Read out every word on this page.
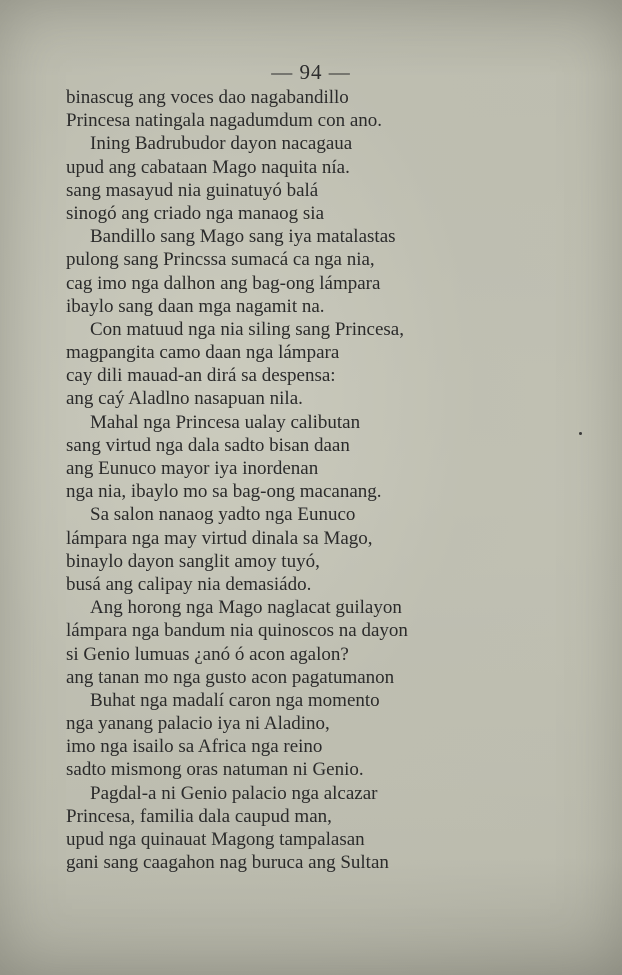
— 94 —
binascug ang voces dao nagabandillo
Princesa natingala nagadumdum con ano.
Ining Badrubudor dayon nacagaua
upud ang cabataan Mago naquita nía.
sang masayud nia guinatuyó balá
sinogó ang criado nga manaog sia
Bandillo sang Mago sang iya matalastas
pulong sang Princssa sumacá ca nga nia,
cag imo nga dalhon ang bag-ong lámpara
ibaylo sang daan mga nagamit na.
Con matuud nga nia siling sang Princesa,
magpangita camo daan nga lámpara
cay dili mauad-an dirá sa despensa:
ang caý Aladlno nasapuan nila.
Mahal nga Princesa ualay calibutan
sang virtud nga dala sadto bisan daan
ang Eunuco mayor iya inordenan
nga nia, ibaylo mo sa bag-ong macanang.
Sa salon nanaog yadto nga Eunuco
lámpara nga may virtud dinala sa Mago,
binaylo dayon sanglit amoy tuyó,
busá ang calipay nia demasiádo.
Ang horong nga Mago naglacat guilayon
lámpara nga bandum nia quinoscos na dayon
si Genio lumuas ¿anó ó acon agalon?
ang tanan mo nga gusto acon pagatumanon
Buhat nga madalí caron nga momento
nga yanang palacio iya ni Aladino,
imo nga isailo sa Africa nga reino
sadto mismong oras natuman ni Genio.
Pagdal-a ni Genio palacio nga alcazar
Princesa, familia dala caupud man,
upud nga quinauat Magong tampalasan
gani sang caagahon nag buruca ang Sultan
